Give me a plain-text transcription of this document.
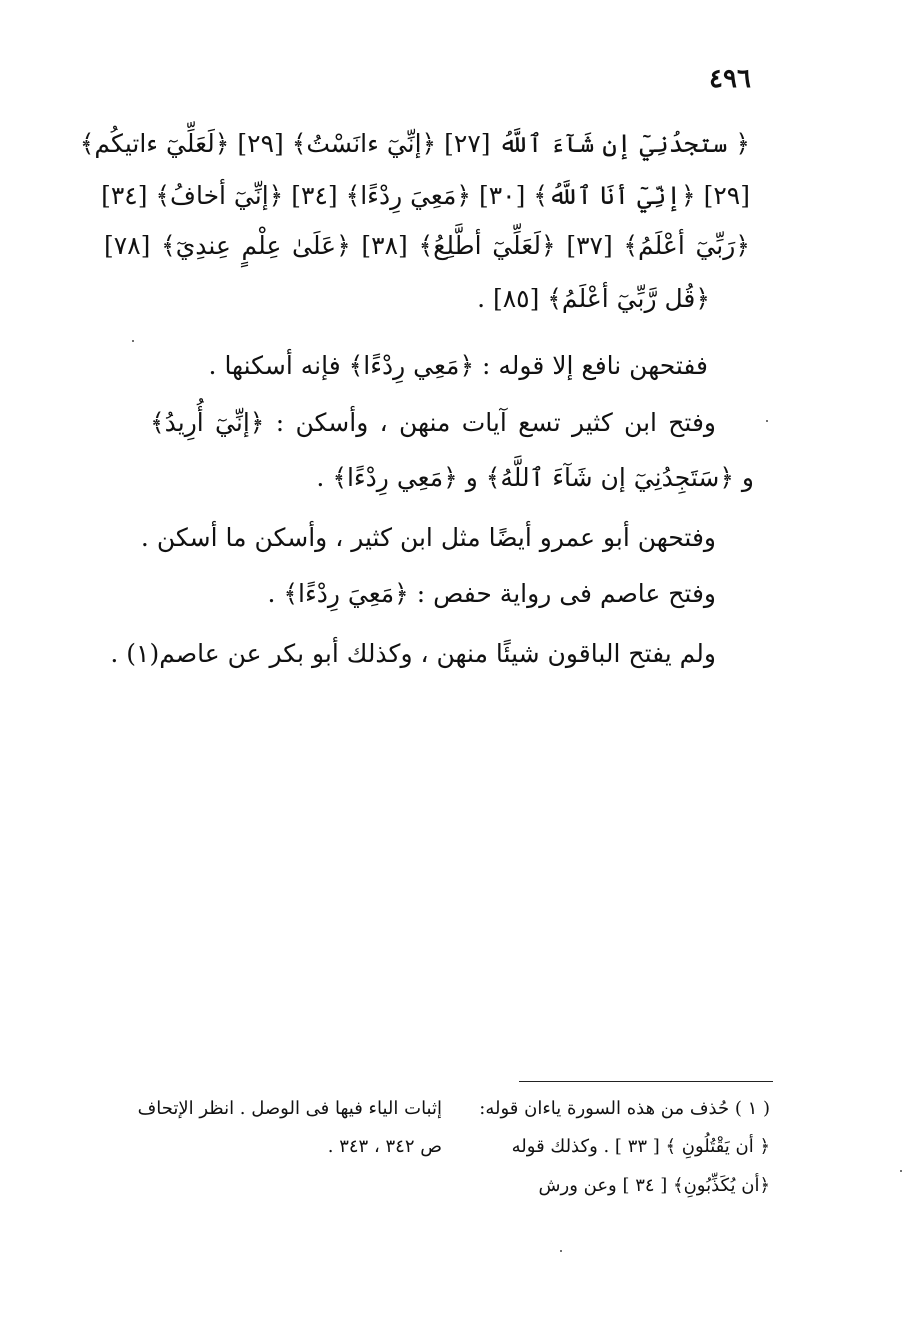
٤٩٦
﴿ ستجدُنِيٓ إن شَآءَ ٱللَّهُ [٢٧] ﴿إنِّيٓ ءانَسْتُ﴾ [٢٩] ﴿لَعَلِّيٓ ءاتيكُم﴾
[٢٩] ﴿إنِّيٓ أنَا ٱللَّهُ﴾ [٣٠] ﴿مَعِيَ رِدْءًا﴾ [٣٤] ﴿إنِّيٓ أخافُ﴾ [٣٤]
﴿رَبِّيٓ أعْلَمُ﴾ [٣٧] ﴿لَعَلِّيٓ أطَّلِعُ﴾ [٣٨] ﴿عَلَىٰ عِلْمٍ عِندِيٓ﴾ [٧٨]
﴿قُل رَّبِّيٓ أعْلَمُ﴾ [٨٥] .
ففتحهن نافع إلا قوله : ﴿مَعِي رِدْءًا﴾ فإنه أسكنها .
وفتح ابن كثير تسع آيات منهن ، وأسكن : ﴿إنِّيٓ أُرِيدُ﴾
و ﴿سَتَجِدُنِيٓ إن شَآءَ ٱللَّهُ﴾ و ﴿مَعِي رِدْءًا﴾ .
وفتحهن أبو عمرو أيضًا مثل ابن كثير ، وأسكن ما أسكن .
وفتح عاصم فى رواية حفص : ﴿مَعِيَ رِدْءًا﴾ .
ولم يفتح الباقون شيئًا منهن ، وكذلك أبو بكر عن عاصم(١) .
( ١ ) حُذف من هذه السورة ياءان قوله:
﴿ أن يَقْتُلُونِ ﴾ [ ٣٣ ] . وكذلك قوله
﴿أن يُكَذِّبُونِ﴾ [ ٣٤ ] وعن ورش
إثبات الياء فيها فى الوصل . انظر الإتحاف
ص ٣٤٢ ، ٣٤٣ .
